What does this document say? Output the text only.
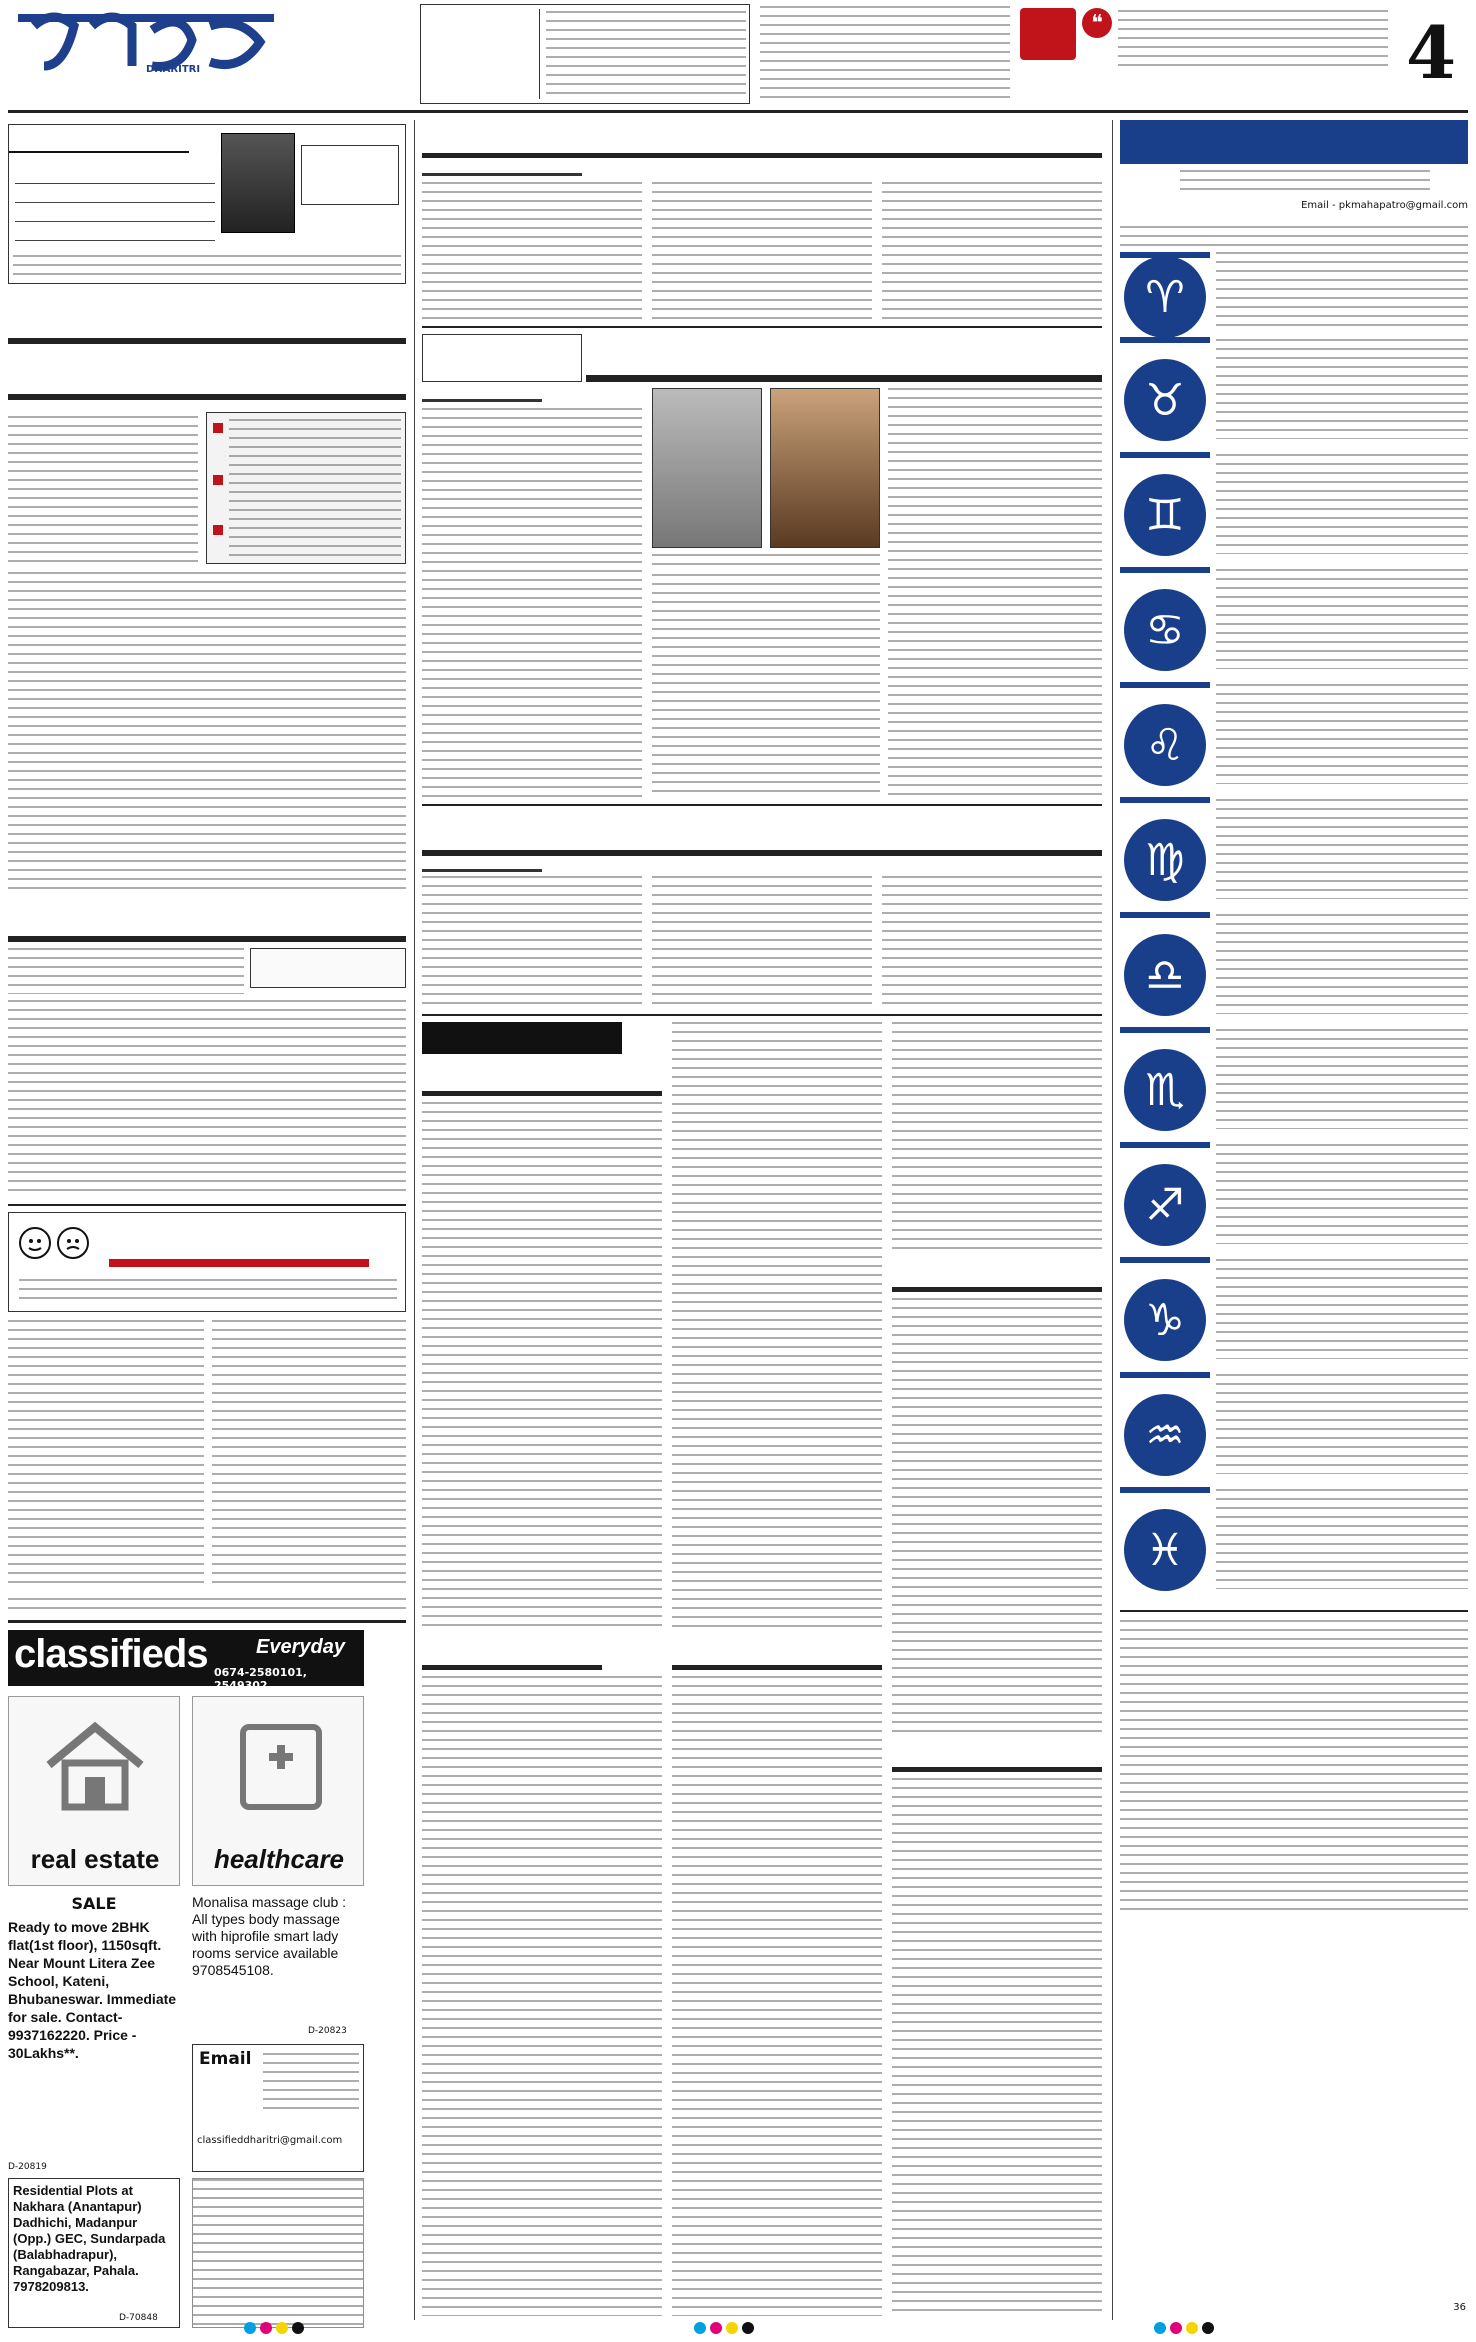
DHARITRI
❝	4
classifieds Everyday
0674-2580101, 2549302
real estate	healthcare
SALE
Ready to move 2BHK flat(1st floor), 1150sqft. Near Mount Litera Zee School, Kateni, Bhubaneswar. Immediate for sale. Contact- 9937162220. Price - 30Lakhs**.
D-20819
Monalisa massage club : All types body massage with hiprofile smart lady rooms service available 9708545108.
D-20823
Email
classifieddharitri@gmail.com
Residential Plots at Nakhara (Anantapur) Dadhichi, Madanpur (Opp.) GEC, Sundarpada (Balabhadrapur), Rangabazar, Pahala. 7978209813.
D-70848
Email - pkmahapatro@gmail.com
♈
♉
♊
♋
♌
♍
♎
♏
♐
♑
♒
♓
36
